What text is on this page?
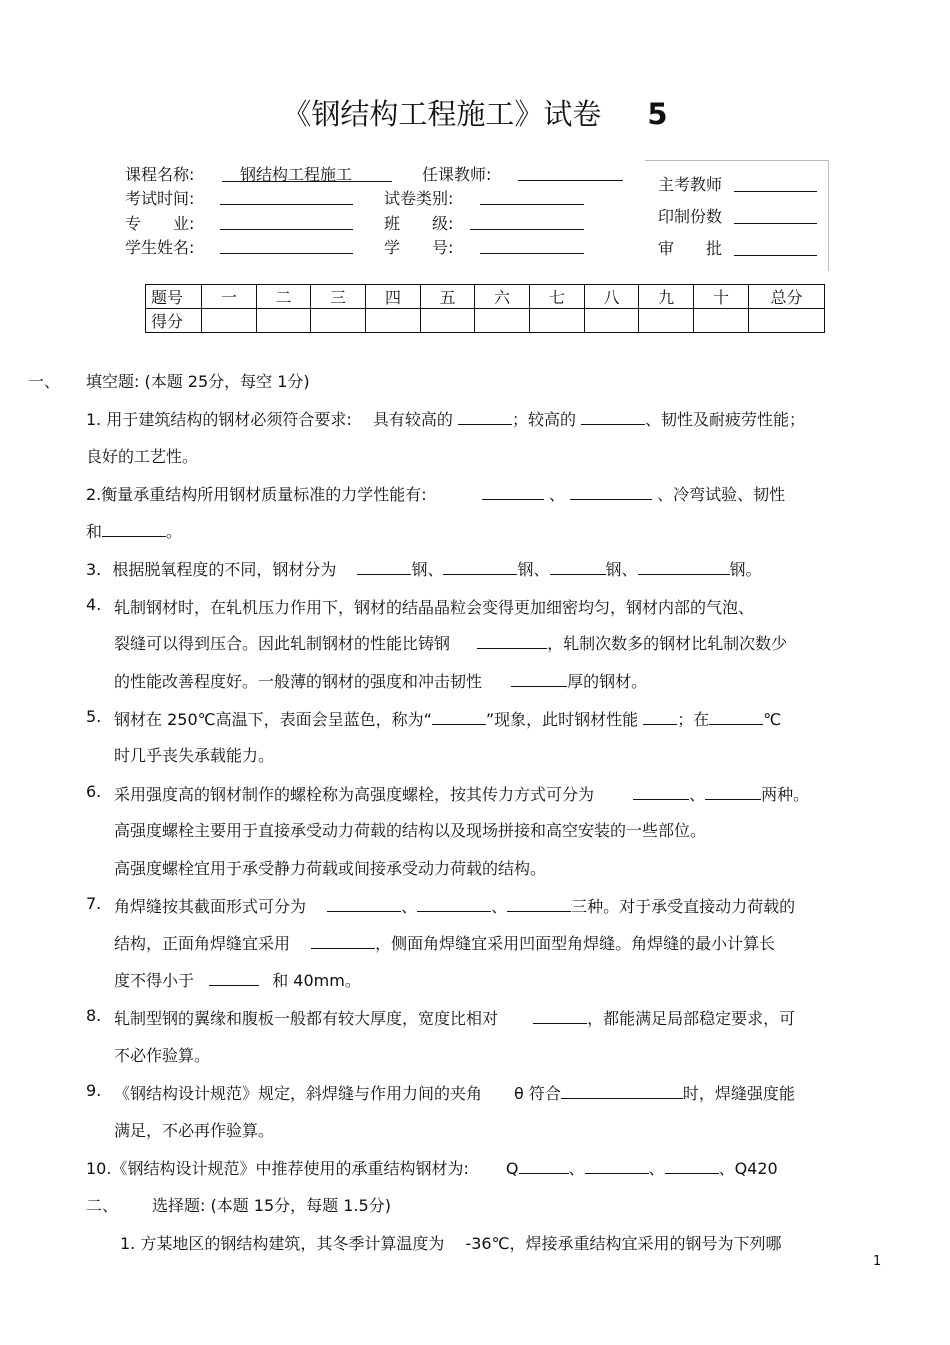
《钢结构工程施工》试卷 5
课程名称:	钢结构工程施工	任课教师:
考试时间:	试卷类别:
专　　业:	班　　级:
学生姓名:	学　　号:
主考教师
印制份数
审　　批
题号	一	二	三	四	五	六	七	八	九	十	总分
得分											
一、 填空题: (本题 25分，每空 1分)
1. 用于建筑结构的钢材必须符合要求:　 具有较高的	；较高的	、韧性及耐疲劳性能；
良好的工艺性。
2.衡量承重结构所用钢材质量标准的力学性能有:	、	、冷弯试验、韧性
和	。
3. 根据脱氧程度的不同，钢材分为	钢、	钢、	钢、	钢。
4. 轧制钢材时，在轧机压力作用下，钢材的结晶晶粒会变得更加细密均匀，钢材内部的气泡、
裂缝可以得到压合。因此轧制钢材的性能比铸钢	，轧制次数多的钢材比轧制次数少
的性能改善程度好。一般薄的钢材的强度和冲击韧性	厚的钢材。
5. 钢材在 250℃高温下，表面会呈蓝色，称为“	”现象，此时钢材性能 ；在	℃
时几乎丧失承载能力。
6. 采用强度高的钢材制作的螺栓称为高强度螺栓，按其传力方式可分为	、	两种。
高强度螺栓主要用于直接承受动力荷载的结构以及现场拼接和高空安装的一些部位。
高强度螺栓宜用于承受静力荷载或间接承受动力荷载的结构。
7. 角焊缝按其截面形式可分为	、	、	三种。对于承受直接动力荷载的
结构，正面角焊缝宜采用	，侧面角焊缝宜采用凹面型角焊缝。角焊缝的最小计算长
度不得小于	和 40mm。
8. 轧制型钢的翼缘和腹板一般都有较大厚度，宽度比相对	，都能满足局部稳定要求，可
不必作验算。
9. 《钢结构设计规范》规定，斜焊缝与作用力间的夹角　　θ 符合	时，焊缝强度能
满足，不必再作验算。
10.《钢结构设计规范》中推荐使用的承重结构钢材为:　　 Q	、	、	、Q420
二、 选择题: (本题 15分，每题 1.5分)
1. 方某地区的钢结构建筑，其冬季计算温度为　 -36℃，焊接承重结构宜采用的钢号为下列哪
1
